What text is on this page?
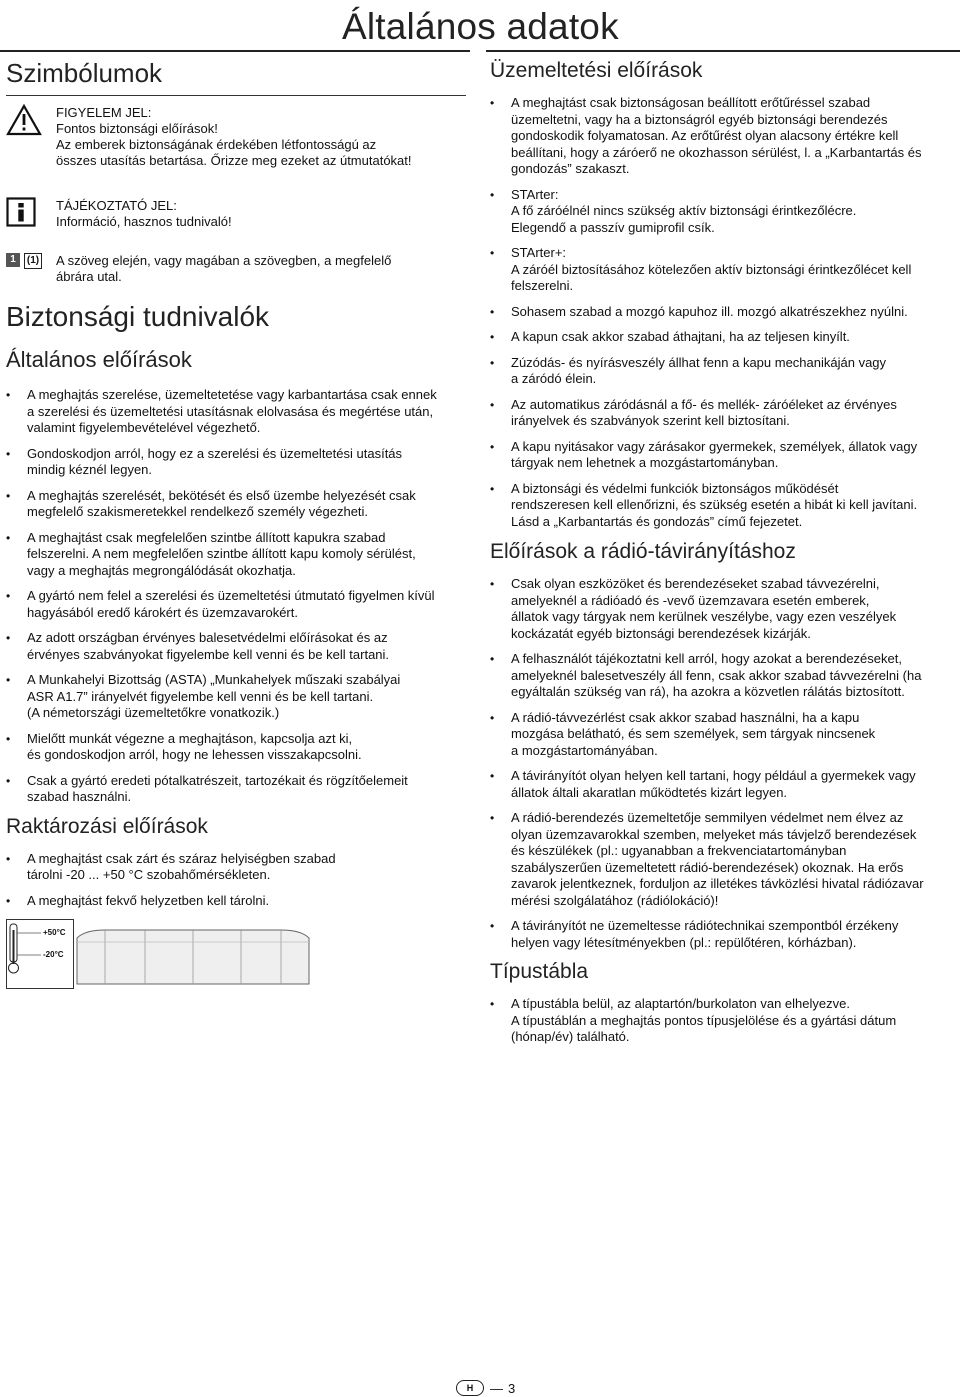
Általános adatok
Szimbólumok
FIGYELEM JEL:
Fontos biztonsági előírások!
Az emberek biztonságának érdekében létfontosságú az
összes utasítás betartása. Őrizze meg ezeket az útmutatókat!
TÁJÉKOZTATÓ JEL:
Információ, hasznos tudnivaló!
1	(1) A szöveg elején, vagy magában a szövegben, a megfelelő
ábrára utal.
Biztonsági tudnivalók
Általános előírások
• A meghajtás szerelése, üzemeltetetése vagy karbantartása csak ennek
a szerelési és üzemeltetési utasításnak elolvasása és megértése után,
valamint figyelembevételével végezhető.
• Gondoskodjon arról, hogy ez a szerelési és üzemeltetési utasítás
mindig kéznél legyen.
• A meghajtás szerelését, bekötését és első üzembe helyezését csak
megfelelő szakismeretekkel rendelkező személy végezheti.
• A meghajtást csak megfelelően szintbe állított kapukra szabad
felszerelni. A nem megfelelően szintbe állított kapu komoly sérülést,
vagy a meghajtás megrongálódását okozhatja.
• A gyártó nem felel a szerelési és üzemeltetési útmutató figyelmen kívül
hagyásából eredő károkért és üzemzavarokért.
• Az adott országban érvényes balesetvédelmi előírásokat és az
érvényes szabványokat figyelembe kell venni és be kell tartani.
• A Munkahelyi Bizottság (ASTA) „Munkahelyek műszaki szabályai
ASR A1.7” irányelvét figyelembe kell venni és be kell tartani.
(A németországi üzemeltetőkre vonatkozik.)
• Mielőtt munkát végezne a meghajtáson, kapcsolja azt ki,
és gondoskodjon arról, hogy ne lehessen visszakapcsolni.
• Csak a gyártó eredeti pótalkatrészeit, tartozékait és rögzítőelemeit
szabad használni.
Raktározási előírások
• A meghajtást csak zárt és száraz helyiségben szabad
tárolni -20 ... +50 °C szobahőmérsékleten.
• A meghajtást fekvő helyzetben kell tárolni.
+50°C
-20°C
Üzemeltetési előírások
• A meghajtást csak biztonságosan beállított erőtűréssel szabad
üzemeltetni, vagy ha a biztonságról egyéb biztonsági berendezés
gondoskodik folyamatosan. Az erőtűrést olyan alacsony értékre kell
beállítani, hogy a záróerő ne okozhasson sérülést, l. a „Karbantartás és
gondozás” szakaszt.
• STArter:
A fő záróélnél nincs szükség aktív biztonsági érintkezőlécre.
Elegendő a passzív gumiprofil csík.
• STArter+:
A záróél biztosításához kötelezően aktív biztonsági érintkezőlécet kell
felszerelni.
• Sohasem szabad a mozgó kapuhoz ill. mozgó alkatrészekhez nyúlni.
• A kapun csak akkor szabad áthajtani, ha az teljesen kinyílt.
• Zúzódás- és nyírásveszély állhat fenn a kapu mechanikáján vagy
a záródó élein.
• Az automatikus záródásnál a fő- és mellék- záróéleket az érvényes
irányelvek és szabványok szerint kell biztosítani.
• A kapu nyitásakor vagy zárásakor gyermekek, személyek, állatok vagy
tárgyak nem lehetnek a mozgástartományban.
• A biztonsági és védelmi funkciók biztonságos működését
rendszeresen kell ellenőrizni, és szükség esetén a hibát ki kell javítani.
Lásd a „Karbantartás és gondozás” című fejezetet.
Előírások a rádió-távirányításhoz
• Csak olyan eszközöket és berendezéseket szabad távvezérelni,
amelyeknél a rádióadó és -vevő üzemzavara esetén emberek,
állatok vagy tárgyak nem kerülnek veszélybe, vagy ezen veszélyek
kockázatát egyéb biztonsági berendezések kizárják.
• A felhasználót tájékoztatni kell arról, hogy azokat a berendezéseket,
amelyeknél balesetveszély áll fenn, csak akkor szabad távvezérelni (ha
egyáltalán szükség van rá), ha azokra a közvetlen rálátás biztosított.
• A rádió-távvezérlést csak akkor szabad használni, ha a kapu
mozgása belátható, és sem személyek, sem tárgyak nincsenek
a mozgástartományában.
• A távirányítót olyan helyen kell tartani, hogy például a gyermekek vagy
állatok általi akaratlan működtetés kizárt legyen.
• A rádió-berendezés üzemeltetője semmilyen védelmet nem élvez az
olyan üzemzavarokkal szemben, melyeket más távjelző berendezések
és készülékek (pl.: ugyanabban a frekvenciatartományban
szabályszerűen üzemeltetett rádió-berendezések) okoznak. Ha erős
zavarok jelentkeznek, forduljon az illetékes távközlési hivatal rádiózavar
mérési szolgálatához (rádiólokáció)!
• A távirányítót ne üzemeltesse rádiótechnikai szempontból érzékeny
helyen vagy létesítményekben (pl.: repülőtéren, kórházban).
Típustábla
• A típustábla belül, az alaptartón/burkolaton van elhelyezve.
A típustáblán a meghajtás pontos típusjelölése és a gyártási dátum
(hónap/év) található.
H	— 3
